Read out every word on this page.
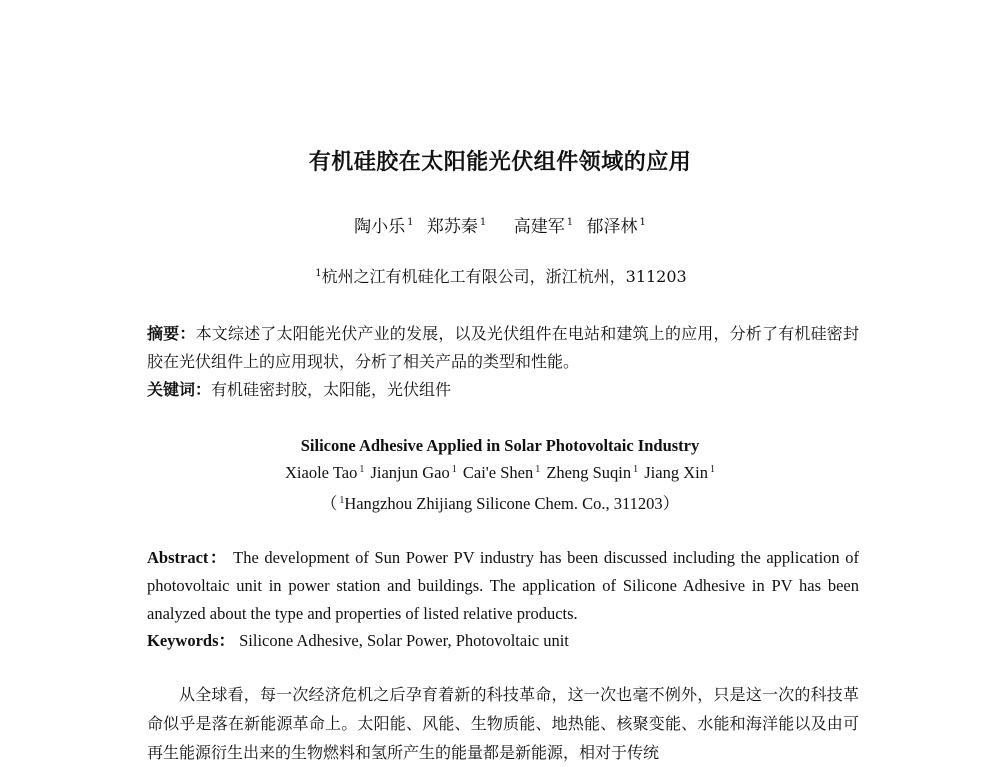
有机硅胶在太阳能光伏组件领域的应用
陶小乐 $^1$ 郑苏秦 $^1$ 高建军 $^1$ 郁泽林 $^1$
$^1$杭州之江有机硅化工有限公司，浙江杭州，311203
摘要：本文综述了太阳能光伏产业的发展，以及光伏组件在电站和建筑上的应用，分析了有机硅密封胶在光伏组件上的应用现状，分析了相关产品的类型和性能。
关键词：有机硅密封胶，太阳能，光伏组件
Silicone Adhesive Applied in Solar Photovoltaic Industry
Xiaole Tao $^1$ Jianjun Gao $^1$ Cai'e Shen $^1$ Zheng Suqin $^1$ Jiang Xin $^1$
（ $^1$Hangzhou Zhijiang Silicone Chem. Co., 311203）
Abstract： The development of Sun Power PV industry has been discussed including the application of photovoltaic unit in power station and buildings. The application of Silicone Adhesive in PV has been analyzed about the type and properties of listed relative products.
Keywords： Silicone Adhesive, Solar Power, Photovoltaic unit
从全球看，每一次经济危机之后孕育着新的科技革命，这一次也毫不例外，只是这一次的科技革命似乎是落在新能源革命上。太阳能、风能、生物质能、地热能、核聚变能、水能和海洋能以及由可再生能源衍生出来的生物燃料和氢所产生的能量都是新能源，相对于传统
